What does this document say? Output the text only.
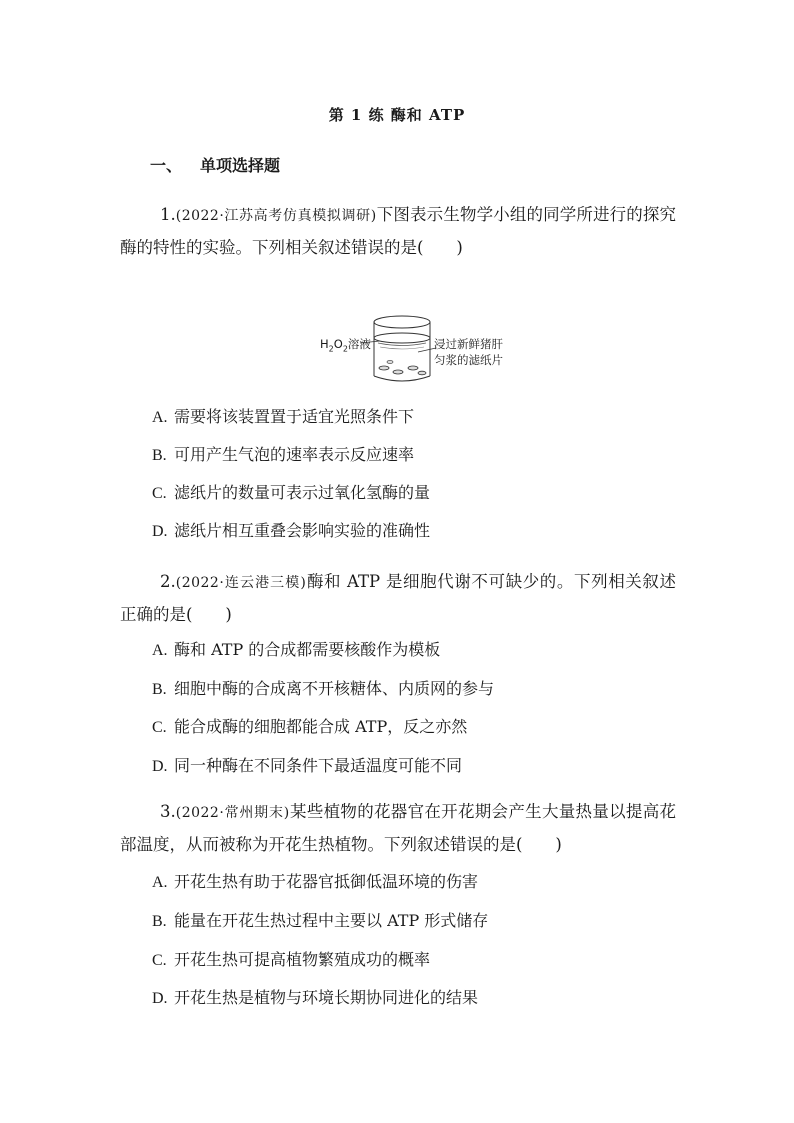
第 1 练 酶和 ATP
一、 单项选择题
1.(2022·江苏高考仿真模拟调研)下图表示生物学小组的同学所进行的探究酶的特性的实验。下列相关叙述错误的是(　　)
$H_2O_2$溶液	浸过新鲜猪肝
匀浆的滤纸片
A. 需要将该装置置于适宜光照条件下
B. 可用产生气泡的速率表示反应速率
C. 滤纸片的数量可表示过氧化氢酶的量
D. 滤纸片相互重叠会影响实验的准确性
2.(2022·连云港三模)酶和 ATP 是细胞代谢不可缺少的。下列相关叙述正确的是(　　)
A. 酶和 ATP 的合成都需要核酸作为模板
B. 细胞中酶的合成离不开核糖体、内质网的参与
C. 能合成酶的细胞都能合成 ATP，反之亦然
D. 同一种酶在不同条件下最适温度可能不同
3.(2022·常州期末)某些植物的花器官在开花期会产生大量热量以提高花部温度，从而被称为开花生热植物。下列叙述错误的是(　　)
A. 开花生热有助于花器官抵御低温环境的伤害
B. 能量在开花生热过程中主要以 ATP 形式储存
C. 开花生热可提高植物繁殖成功的概率
D. 开花生热是植物与环境长期协同进化的结果
